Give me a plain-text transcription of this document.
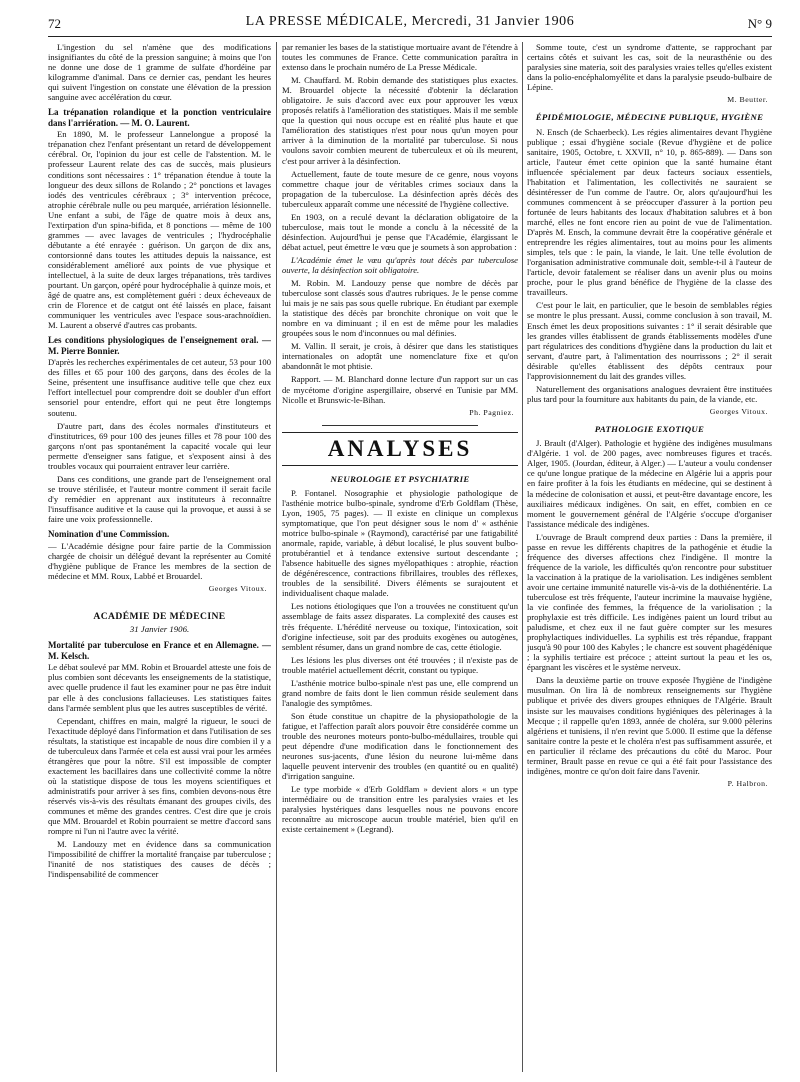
72	LA PRESSE MÉDICALE, Mercredi, 31 Janvier 1906	N° 9

L'ingestion du sel n'amène que des modifications insignifiantes du côté de la pression sanguine; à moins que l'on ne donne une dose de 1 gramme de sulfate d'hordéine par kilogramme d'animal. Dans ce dernier cas, pendant les heures qui suivent l'ingestion on constate une élévation de la pression sanguine avec accélération du cœur.

La trépanation rolandique et la ponction ventriculaire dans l'arriération. — M. O. Laurent.

En 1890, M. le professeur Lannelongue a proposé la trépanation chez l'enfant présentant un retard de développement cérébral. Or, l'opinion du jour est celle de l'abstention. M. le professeur Laurent relate des cas de succès, mais plusieurs conditions sont nécessaires : 1° trépanation étendue à toute la longueur des deux sillons de Rolando ; 2° ponctions et lavages iodés des ventricules cérébraux ; 3° intervention précoce, atrophie cérébrale nulle ou peu marquée, arriération lésionnelle. Une enfant a subi, de l'âge de quatre mois à deux ans, l'extirpation d'un spina-bifida, et 8 ponctions — même de 100 grammes — avec lavages de ventricules ; l'hydrocéphalie débutante a été enrayée : guérison. Un garçon de dix ans, contorsionné dans toutes les attitudes depuis la naissance, est considérablement amélioré aux points de vue physique et intellectuel, à la suite de deux larges trépanations, très tardives pourtant. Un garçon, opéré pour hydrocéphalie à quinze mois, et âgé de quatre ans, est complètement guéri : deux écheveaux de crin de Florence et de catgut ont été laissés en place, faisant communiquer les ventricules avec l'espace sous-arachnoïdien. M. Laurent a observé d'autres cas probants.

Les conditions physiologiques de l'enseignement oral. — M. Pierre Bonnier.

D'après les recherches expérimentales de cet auteur, 53 pour 100 des filles et 65 pour 100 des garçons, dans des écoles de la Seine, présentent une insuffisance auditive telle que chez eux l'effort intellectuel pour comprendre doit se doubler d'un effort sensoriel pour entendre, effort qui ne peut être longtemps soutenu.

D'autre part, dans des écoles normales d'instituteurs et d'institutrices, 69 pour 100 des jeunes filles et 78 pour 100 des garçons n'ont pas spontanément la capacité vocale qui leur permette d'enseigner sans fatigue, et s'exposent ainsi à des troubles vocaux qui pourraient entraver leur carrière.

Dans ces conditions, une grande part de l'enseignement oral se trouve stérilisée, et l'auteur montre comment il serait facile d'y remédier en apprenant aux instituteurs à reconnaître l'insuffisance auditive et la cause qui la provoque, et aussi à se faire une voix professionnelle.

Nomination d'une Commission.

— L'Académie désigne pour faire partie de la Commission chargée de choisir un délégué devant la représenter au Comité d'hygiène publique de France les membres de la section de médecine et MM. Roux, Labbé et Brouardel.

Georges Vitoux.
ACADÉMIE DE MÉDECINE
31 Janvier 1906.
Mortalité par tuberculose en France et en Allemagne. — M. Kelsch.

Le débat soulevé par MM. Robin et Brouardel atteste une fois de plus combien sont décevants les enseignements de la statistique, avec quelle prudence il faut les examiner pour ne pas être induit par elle à des conclusions fallacieuses. Les statistiques faites dans l'armée semblent plus que les autres susceptibles de vérité.

Cependant, chiffres en main, malgré la rigueur, le souci de l'exactitude déployé dans l'information et dans l'utilisation de ses résultats, la statistique est incapable de nous dire combien il y a de tuberculeux dans l'armée et cela est aussi vrai pour les armées étrangères que pour la nôtre. S'il est impossible de compter exactement les bacillaires dans une collectivité comme la nôtre où la statistique dispose de tous les moyens scientifiques et administratifs pour arriver à ses fins, combien devons-nous être réservés vis-à-vis des résultats émanant des groupes civils, des communes et même des grandes centres. C'est dire que je crois que MM. Brouardel et Robin pourraient se mettre d'accord sans rompre ni l'un ni l'autre avec la vérité.

M. Landouzy met en évidence dans sa communication l'impossibilité de chiffrer la mortalité française par tuberculose ; l'inanité de nos statistiques des causes de décès ; l'indispensabilité de commencer

par remanier les bases de la statistique mortuaire avant de l'étendre à toutes les communes de France. Cette communication paraîtra in extenso dans le prochain numéro de La Presse Médicale.

M. Chauffard. M. Robin demande des statistiques plus exactes. M. Brouardel objecte la nécessité d'obtenir la déclaration obligatoire. Je suis d'accord avec eux pour approuver les vœux proposés relatifs à l'amélioration des statistiques. Mais il me semble que la question qui nous occupe est en réalité plus haute et que l'amélioration des statistiques n'est pour nous qu'un moyen pour arriver à la diminution de la mortalité par tuberculose. Si nous voulons savoir combien meurent de tuberculeux et où ils meurent, c'est pour arriver à la désinfection.

Actuellement, faute de toute mesure de ce genre, nous voyons commettre chaque jour de véritables crimes sociaux dans la propagation de la tuberculose. La désinfection après décès des tuberculeux apparaît comme une nécessité de l'hygiène collective.

En 1903, on a reculé devant la déclaration obligatoire de la tuberculose, mais tout le monde a conclu à la nécessité de la désinfection. Aujourd'hui je pense que l'Académie, élargissant le débat actuel, peut émettre le vœu que je soumets à son approbation :

L'Académie émet le vœu qu'après tout décès par tuberculose ouverte, la désinfection soit obligatoire.

M. Robin. M. Landouzy pense que nombre de décès par tuberculose sont classés sous d'autres rubriques. Je le pense comme lui mais je ne sais pas sous quelle rubrique. En étudiant par exemple la statistique des décès par bronchite chronique on voit que le nombre en va diminuant ; il en est de même pour les maladies groupées sous le nom d'inconnues ou mal définies.

M. Vallin. Il serait, je crois, à désirer que dans les statistiques internationales on adoptât une nomenclature fixe et qu'on abandonnât le mot phtisie.

Rapport. — M. Blanchard donne lecture d'un rapport sur un cas de mycétome d'origine aspergillaire, observé en Tunisie par MM. Nicolle et Brunswic-le-Bihan.

Ph. Pagniez.
ANALYSES
NEUROLOGIE ET PSYCHIATRIE

P. Fontanel. Nosographie et physiologie pathologique de l'asthénie motrice bulbo-spinale, syndrome d'Erb Goldflam (Thèse, Lyon, 1905, 75 pages). — Il existe en clinique un complexus symptomatique, que l'on peut désigner sous le nom d' « asthénie motrice bulbo-spinale » (Raymond), caractérisé par une fatigabilité anormale, rapide, variable, à début localisé, le plus souvent bulbo-protubérantiel et à tendance extensive surtout descendante ; l'absence habituelle des signes myélopathiques : atrophie, réaction de dégénérescence, contractions fibrillaires, troubles des réflexes, troubles de la sensibilité. Divers éléments se surajoutent et individualisent chaque malade.

Les notions étiologiques que l'on a trouvées ne constituent qu'un assemblage de faits assez disparates. La complexité des causes est très fréquente. L'hérédité nerveuse ou toxique, l'intoxication, soit d'origine infectieuse, soit par des produits exogènes ou autogènes, semblent résumer, dans un grand nombre de cas, cette étiologie.

Les lésions les plus diverses ont été trouvées ; il n'existe pas de trouble matériel actuellement décrit, constant ou typique.

L'asthénie motrice bulbo-spinale n'est pas une, elle comprend un grand nombre de faits dont le lien commun réside seulement dans l'analogie des symptômes.

Son étude constitue un chapitre de la physiopathologie de la fatigue, et l'affection paraît alors pouvoir être considérée comme un trouble des neurones moteurs ponto-bulbo-médullaires, trouble qui peut dépendre d'une modification dans le fonctionnement des neurones sus-jacents, d'une lésion du neurone lui-même dans laquelle peuvent intervenir des troubles (en quantité ou en qualité) d'irrigation sanguine.

Le type morbide « d'Erb Goldflam » devient alors « un type intermédiaire ou de transition entre les paralysies vraies et les paralysies hystériques dans lesquelles nous ne pouvons encore reconnaître au microscope aucun trouble matériel, bien qu'il en existe certainement » (Legrand).

Somme toute, c'est un syndrome d'attente, se rapprochant par certains côtés et suivant les cas, soit de la neurasthénie ou des paralysies sine materia, soit des paralysies vraies telles qu'elles existent dans la polio-encéphalomyélite et dans la paralysie pseudo-bulbaire de Lépine.

M. Beutter.
ÉPIDÉMIOLOGIE, MÉDECINE PUBLIQUE, HYGIÈNE

N. Ensch (de Schaerbeck). Les régies alimentaires devant l'hygiène publique ; essai d'hygiène sociale (Revue d'hygiène et de police sanitaire, 1905, Octobre, t. XXVII, n° 10, p. 865-889). — Dans son article, l'auteur émet cette opinion que la santé humaine étant influencée spécialement par deux facteurs sociaux essentiels, l'habitation et l'alimentation, les collectivités ne sauraient se désintéresser de l'un comme de l'autre. Or, alors qu'aujourd'hui les communes commencent à se préoccuper d'assurer à la portion peu fortunée de leurs habitants des locaux d'habitation salubres et à bon marché, elles ne font encore rien au point de vue de l'alimentation. D'après M. Ensch, la commune devrait être la coopérative générale et entreprendre les régies alimentaires, tout au moins pour les aliments simples, tels que : le pain, la viande, le lait. Une telle évolution de l'organisation administrative communale doit, semble-t-il à l'auteur de l'article, devoir fatalement se réaliser dans un avenir plus ou moins proche, pour le plus grand bénéfice de l'hygiène de la classe des travailleurs.

C'est pour le lait, en particulier, que le besoin de semblables régies se montre le plus pressant. Aussi, comme conclusion à son travail, M. Ensch émet les deux propositions suivantes : 1° il serait désirable que les grandes villes établissent de grands établissements modèles d'une part régulatrices des conditions d'hygiène dans la production du lait et servant, d'autre part, à l'alimentation des nourrissons ; 2° il serait désirable qu'elles établissent des dépôts centraux pour l'approvisionnement du lait des grandes villes.

Naturellement des organisations analogues devraient être instituées plus tard pour la fourniture aux habitants du pain, de la viande, etc.

Georges Vitoux.
PATHOLOGIE EXOTIQUE

J. Brault (d'Alger). Pathologie et hygiène des indigènes musulmans d'Algérie. 1 vol. de 200 pages, avec nombreuses figures et tracés. Alger, 1905. (Jourdan, éditeur, à Alger.) — L'auteur a voulu condenser ce qu'une longue pratique de la médecine en Algérie lui a appris pour en faire profiter à la fois les étudiants en médecine, qui se destinent à la médecine de colonisation et aussi, et peut-être davantage encore, les auxiliaires médicaux indigènes. On sait, en effet, combien en ce moment le gouvernement général de l'Algérie s'occupe d'organiser l'assistance médicale des indigènes.

L'ouvrage de Brault comprend deux parties : Dans la première, il passe en revue les différents chapitres de la pathogénie et étudie la fréquence des diverses affections chez l'indigène. Il montre la fréquence de la variole, les difficultés qu'on rencontre pour substituer la vaccination à la pratique de la variolisation. Les indigènes semblent avoir une certaine immunité naturelle vis-à-vis de la dothiénentérie. La tuberculose est très fréquente, l'auteur incrimine la mauvaise hygiène, la vie confinée des femmes, la fréquence de la variolisation ; la prophylaxie est très difficile. Les indigènes paient un lourd tribut au paludisme, et chez eux il ne faut guère compter sur les mesures prophylactiques individuelles. La syphilis est très répandue, frappant jusqu'à 90 pour 100 des Kabyles ; le chancre est souvent phagédénique ; la syphilis tertiaire est précoce ; atteint surtout la peau et les os, épargnant les viscères et le système nerveux.

Dans la deuxième partie on trouve exposée l'hygiène de l'indigène musulman. On lira là de nombreux renseignements sur l'hygiène publique et privée des divers groupes ethniques de l'Algérie. Brault insiste sur les mauvaises conditions hygiéniques des pèlerinages à la Mecque ; il rappelle qu'en 1893, année de choléra, sur 9.000 pèlerins algériens et tunisiens, il n'en revint que 5.000. Il estime que la défense sanitaire contre la peste et le choléra n'est pas suffisamment assurée, et en particulier il réclame des précautions du côté du Maroc. Pour terminer, Brault passe en revue ce qui a été fait pour l'assistance des indigènes, montre ce qu'on doit faire dans l'avenir.

P. Halbron.
